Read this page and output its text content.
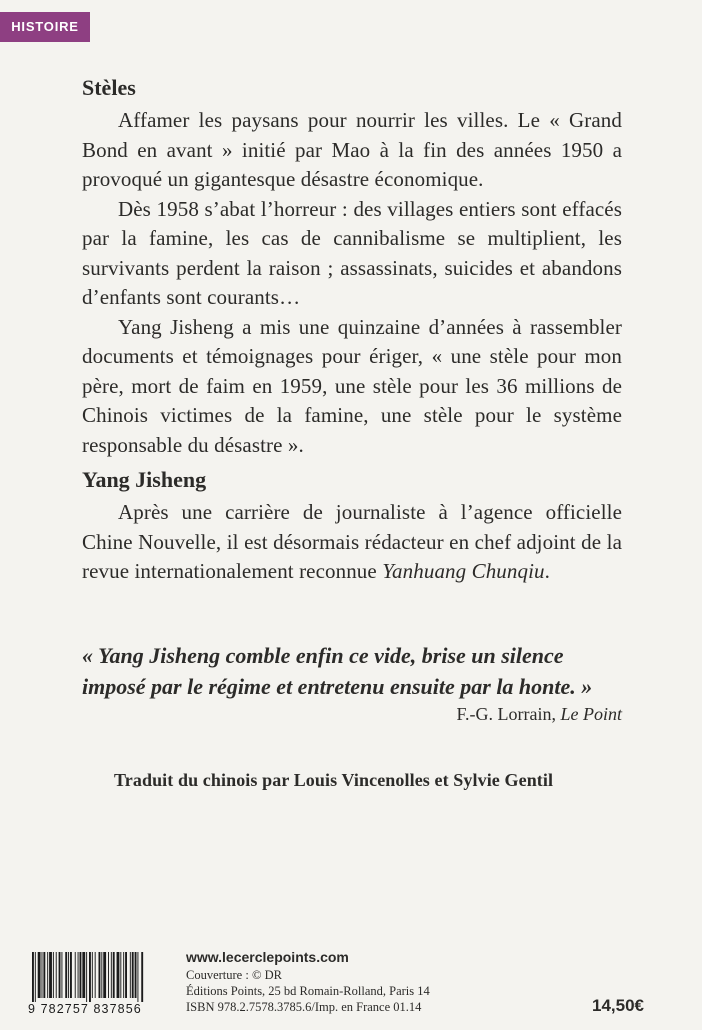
HISTOIRE
Stèles

Affamer les paysans pour nourrir les villes. Le « Grand Bond en avant » initié par Mao à la fin des années 1950 a provoqué un gigantesque désastre économique.

Dès 1958 s’abat l’horreur : des villages entiers sont effacés par la famine, les cas de cannibalisme se multiplient, les survivants perdent la raison ; assassinats, suicides et abandons d’enfants sont courants…

Yang Jisheng a mis une quinzaine d’années à rassembler documents et témoignages pour ériger, « une stèle pour mon père, mort de faim en 1959, une stèle pour les 36 millions de Chinois victimes de la famine, une stèle pour le système responsable du désastre ».

Yang Jisheng

Après une carrière de journaliste à l’agence officielle Chine Nouvelle, il est désormais rédacteur en chef adjoint de la revue internationalement reconnue Yanhuang Chunqiu.

« Yang Jisheng comble enfin ce vide, brise un silence imposé par le régime et entretenu ensuite par la honte. »

F.-G. Lorrain, Le Point
Traduit du chinois par Louis Vincenolles et Sylvie Gentil
9 782757 837856
www.lecerclepoints.com
Couverture : © DR
Éditions Points, 25 bd Romain-Rolland, Paris 14
ISBN 978.2.7578.3785.6/Imp. en France 01.14	14,50€
